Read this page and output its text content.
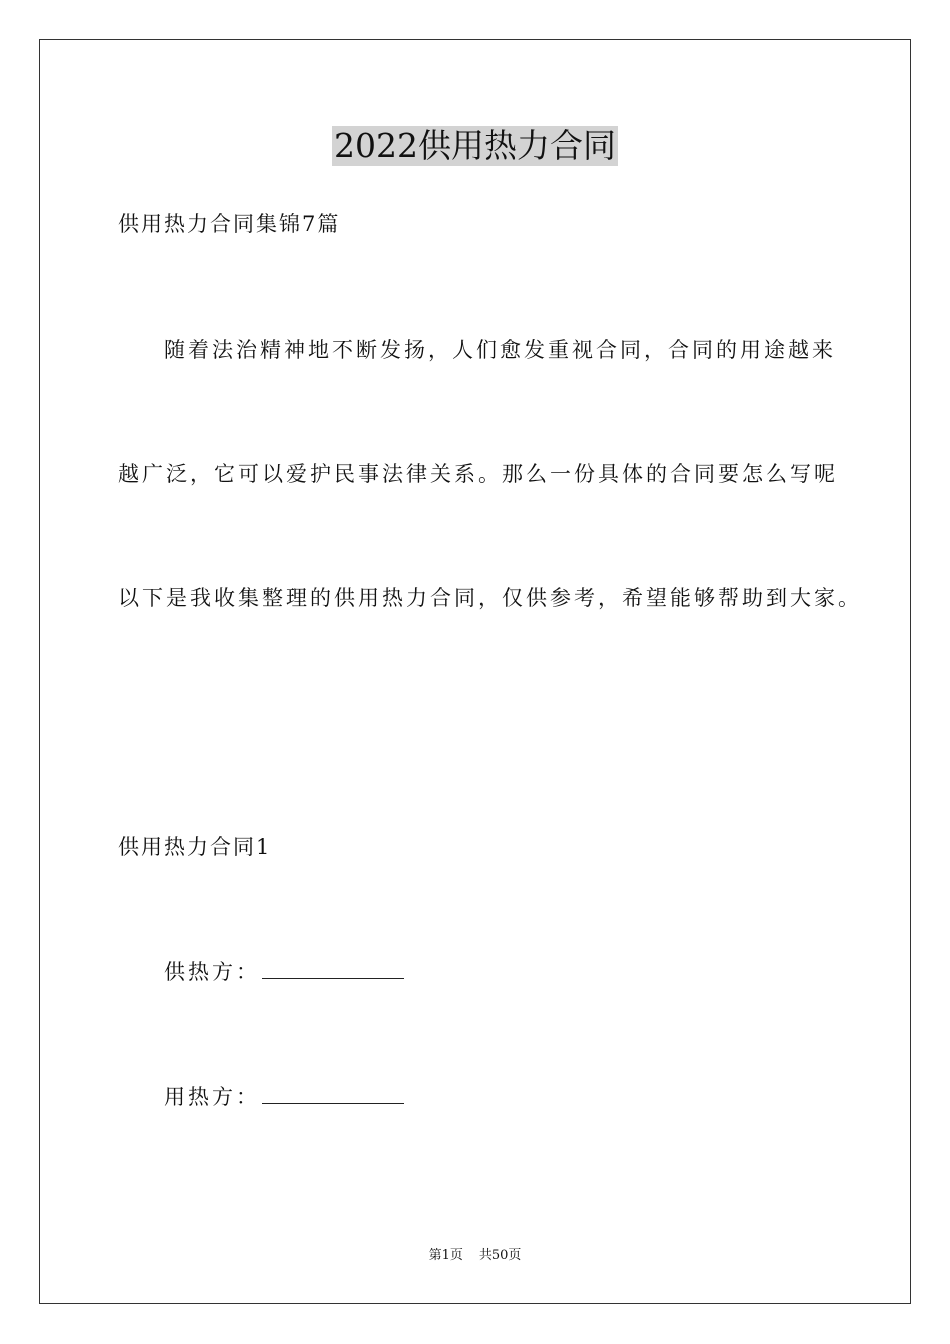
2022供用热力合同
供用热力合同集锦7篇
随着法治精神地不断发扬，人们愈发重视合同，合同的用途越来
越广泛，它可以爱护民事法律关系。那么一份具体的合同要怎么写呢
以下是我收集整理的供用热力合同，仅供参考，希望能够帮助到大家。
供用热力合同1
供热方：
用热方：
第1页 共50页
